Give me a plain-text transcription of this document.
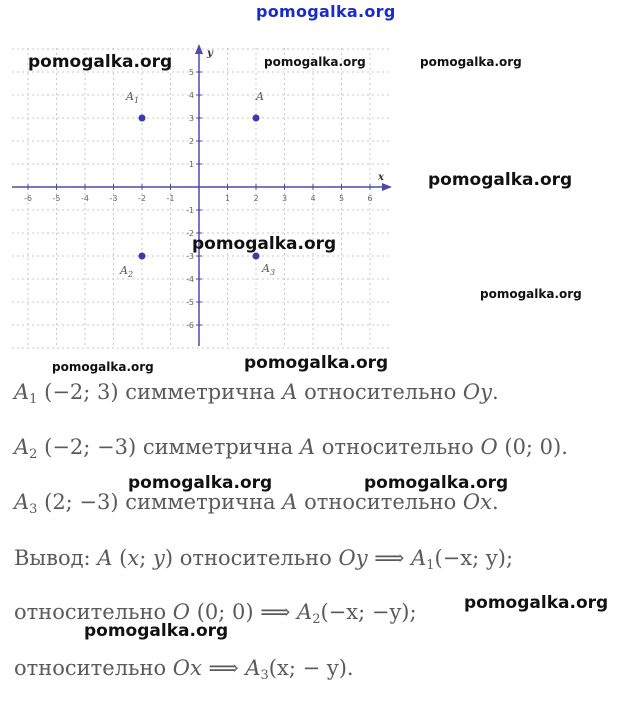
pomogalka.org
-6	-5	-4	-3	-2	-1	1	2	3	4	5	6
5
4
3
2
1
-1
-2
-3
-4
-5
-6
x
y
A
$A_1$
$A_2$	$A_3$
pomogalka.org	pomogalka.org	pomogalka.org
pomogalka.org
pomogalka.org
pomogalka.org
pomogalka.org	pomogalka.org
$A_1$ (−2; 3) симметрична A относительно Oy.
$A_2$ (−2; −3) симметрична A относительно O (0; 0).
pomogalka.org	pomogalka.org
$A_3$ (2; −3) симметрична A относительно Ox.
Вывод: A (x; y) относительно Oy ⟹ $A_1(-x$; y);
относительно O (0; 0) ⟹ $A_2(-x$; −y);	pomogalka.org
pomogalka.org
относительно Ox ⟹ $A_3(x$; − y).
